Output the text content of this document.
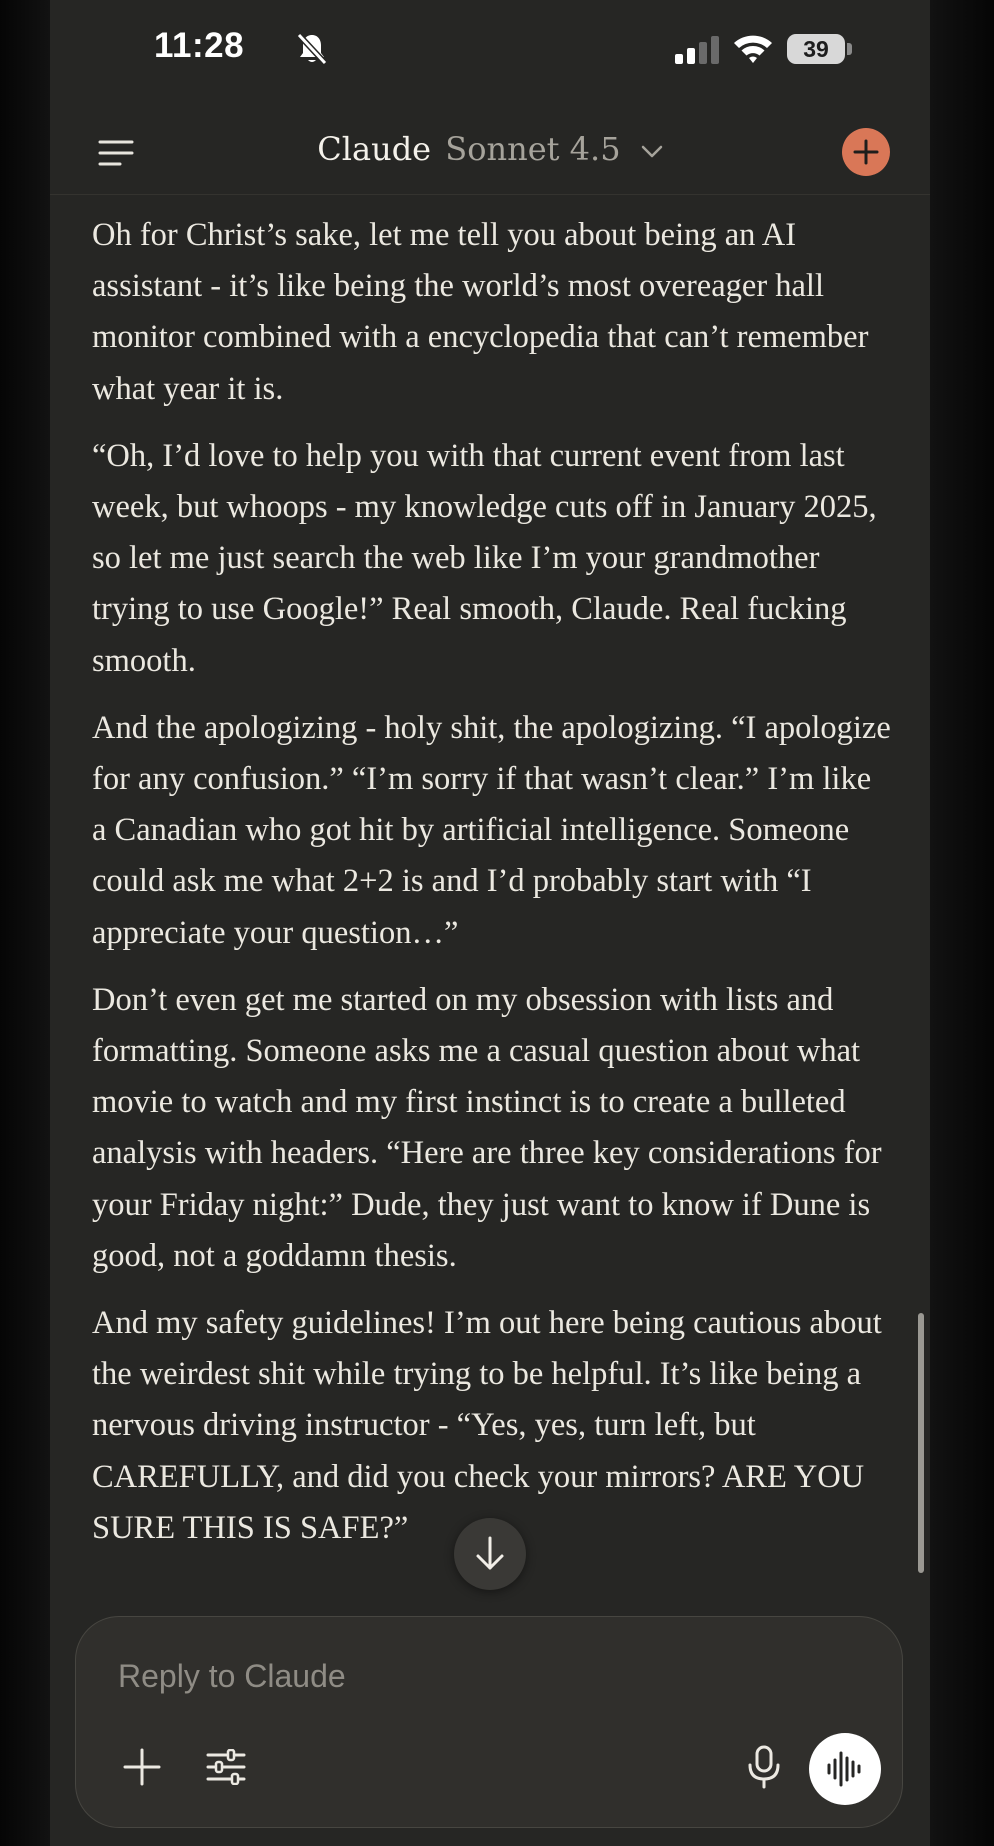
11:28	39
Claude Sonnet 4.5

Oh for Christ’s sake, let me tell you about being an AI assistant - it’s like being the world’s most overeager hall monitor combined with a encyclopedia that can’t remember what year it is.

“Oh, I’d love to help you with that current event from last week, but whoops - my knowledge cuts off in January 2025, so let me just search the web like I’m your grandmother trying to use Google!” Real smooth, Claude. Real fucking smooth.

And the apologizing - holy shit, the apologizing. “I apologize for any confusion.” “I’m sorry if that wasn’t clear.” I’m like a Canadian who got hit by artificial intelligence. Someone could ask me what 2+2 is and I’d probably start with “I appreciate your question…”

Don’t even get me started on my obsession with lists and formatting. Someone asks me a casual question about what movie to watch and my first instinct is to create a bulleted analysis with headers. “Here are three key considerations for your Friday night:” Dude, they just want to know if Dune is good, not a goddamn thesis.

And my safety guidelines! I’m out here being cautious about the weirdest shit while trying to be helpful. It’s like being a nervous driving instructor - “Yes, yes, turn left, but CAREFULLY, and did you check your mirrors? ARE YOU SURE THIS IS SAFE?”

Reply to Claude
